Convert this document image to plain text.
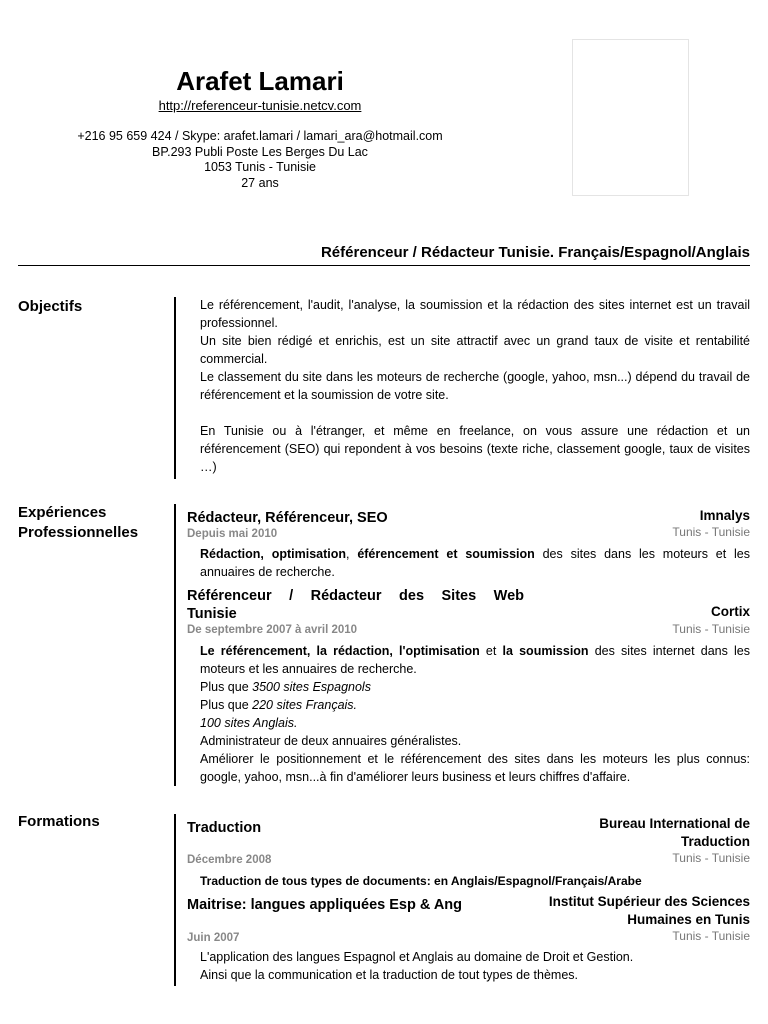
Arafet Lamari
http://referenceur-tunisie.netcv.com
+216 95 659 424 / Skype: arafet.lamari / lamari_ara@hotmail.com
BP.293 Publi Poste Les Berges Du Lac
1053 Tunis - Tunisie
27 ans
Référenceur / Rédacteur Tunisie. Français/Espagnol/Anglais
Objectifs	Le référencement, l'audit, l'analyse, la soumission et la rédaction des sites internet est un travail professionnel.

Un site bien rédigé et enrichis, est un site attractif avec un grand taux de visite et rentabilité commercial.

Le classement du site dans les moteurs de recherche (google, yahoo, msn...) dépend du travail de référencement et la soumission de votre site.

En Tunisie ou à l'étranger, et même en freelance, on vous assure une rédaction et un référencement (SEO) qui repondent à vos besoins (texte riche, classement google, taux de visites …)

Expériences
Professionnelles
Rédacteur, Référenceur, SEO	Imnalys
Tunis - Tunisie
Depuis mai 2010

Rédaction, optimisation, éférencement et soumission des sites dans les moteurs et les annuaires de recherche.

Référenceur / Rédacteur des Sites Web
Tunisie	Cortix
Tunis - Tunisie
De septembre 2007 à avril 2010

Le référencement, la rédaction, l'optimisation et la soumission des sites internet dans les moteurs et les annuaires de recherche.

Plus que 3500 sites Espagnols

Plus que 220 sites Français.

100 sites Anglais.

Administrateur de deux annuaires généralistes.

Améliorer le positionnement et le référencement des sites dans les moteurs les plus connus: google, yahoo, msn...à fin d'améliorer leurs business et leurs chiffres d'affaire.

Formations	Traduction	Bureau International de
Traduction
Tunis - Tunisie
Décembre 2008
Traduction de tous types de documents: en Anglais/Espagnol/Français/Arabe
Maitrise: langues appliquées Esp & Ang	Institut Supérieur des Sciences
Humaines en Tunis
Tunis - Tunisie
Juin 2007

L'application des langues Espagnol et Anglais au domaine de Droit et Gestion.

Ainsi que la communication et la traduction de tout types de thèmes.
